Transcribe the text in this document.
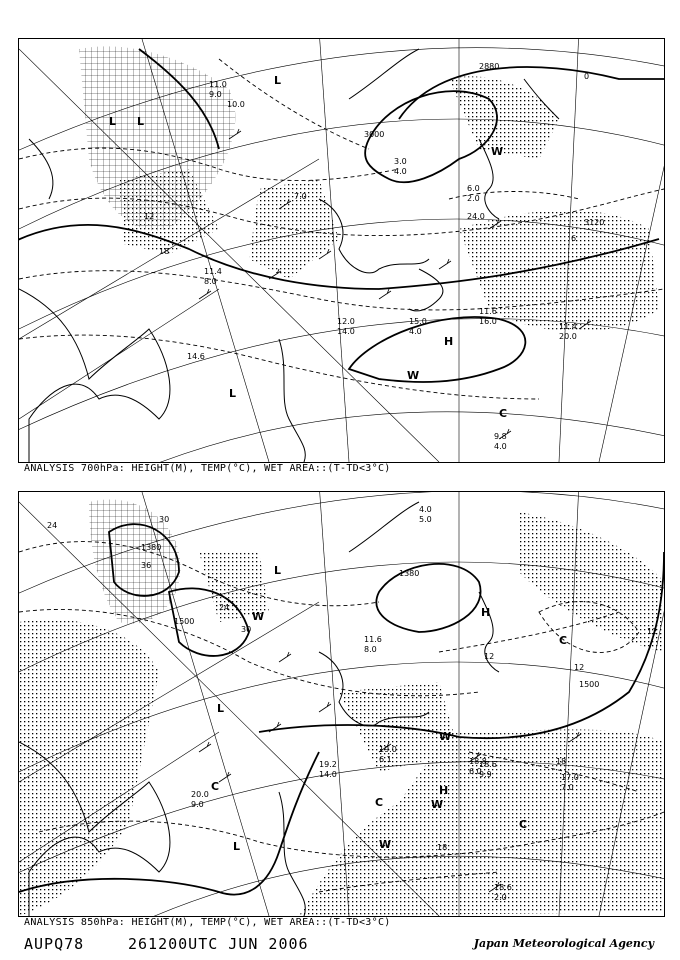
2880
3000
3120
0
6
12
18
L
L
H
W
W
L
C
L
11.0
9.0
15.0
4.0
12.0
14.0
11.4
20.0
11.6
16.0
9.8
4.0
11.4
8.0
3.0
4.0
6.0
2.0
24.0
10.0
7.0
14.6
ANALYSIS 700hPa: HEIGHT(M), TEMP(°C), WET AREA::(T-TD<3°C)
1380
1500
1380
1500
24
30
36
24
30
12
18
12
18
12
L
L
W
C
W
H
W
C
C
W
C
L
H
18.8
6.0
19.2
14.0
20.0
9.0
18.6
9.9	17.0
7.0
18.6
2.0
4.0
5.0
11.6
8.0
19.0
6.1
ANALYSIS 850hPa: HEIGHT(M), TEMP(°C), WET AREA::(T-TD<3°C)
AUPQ78	261200UTC JUN 2006	Japan Meteorological Agency
